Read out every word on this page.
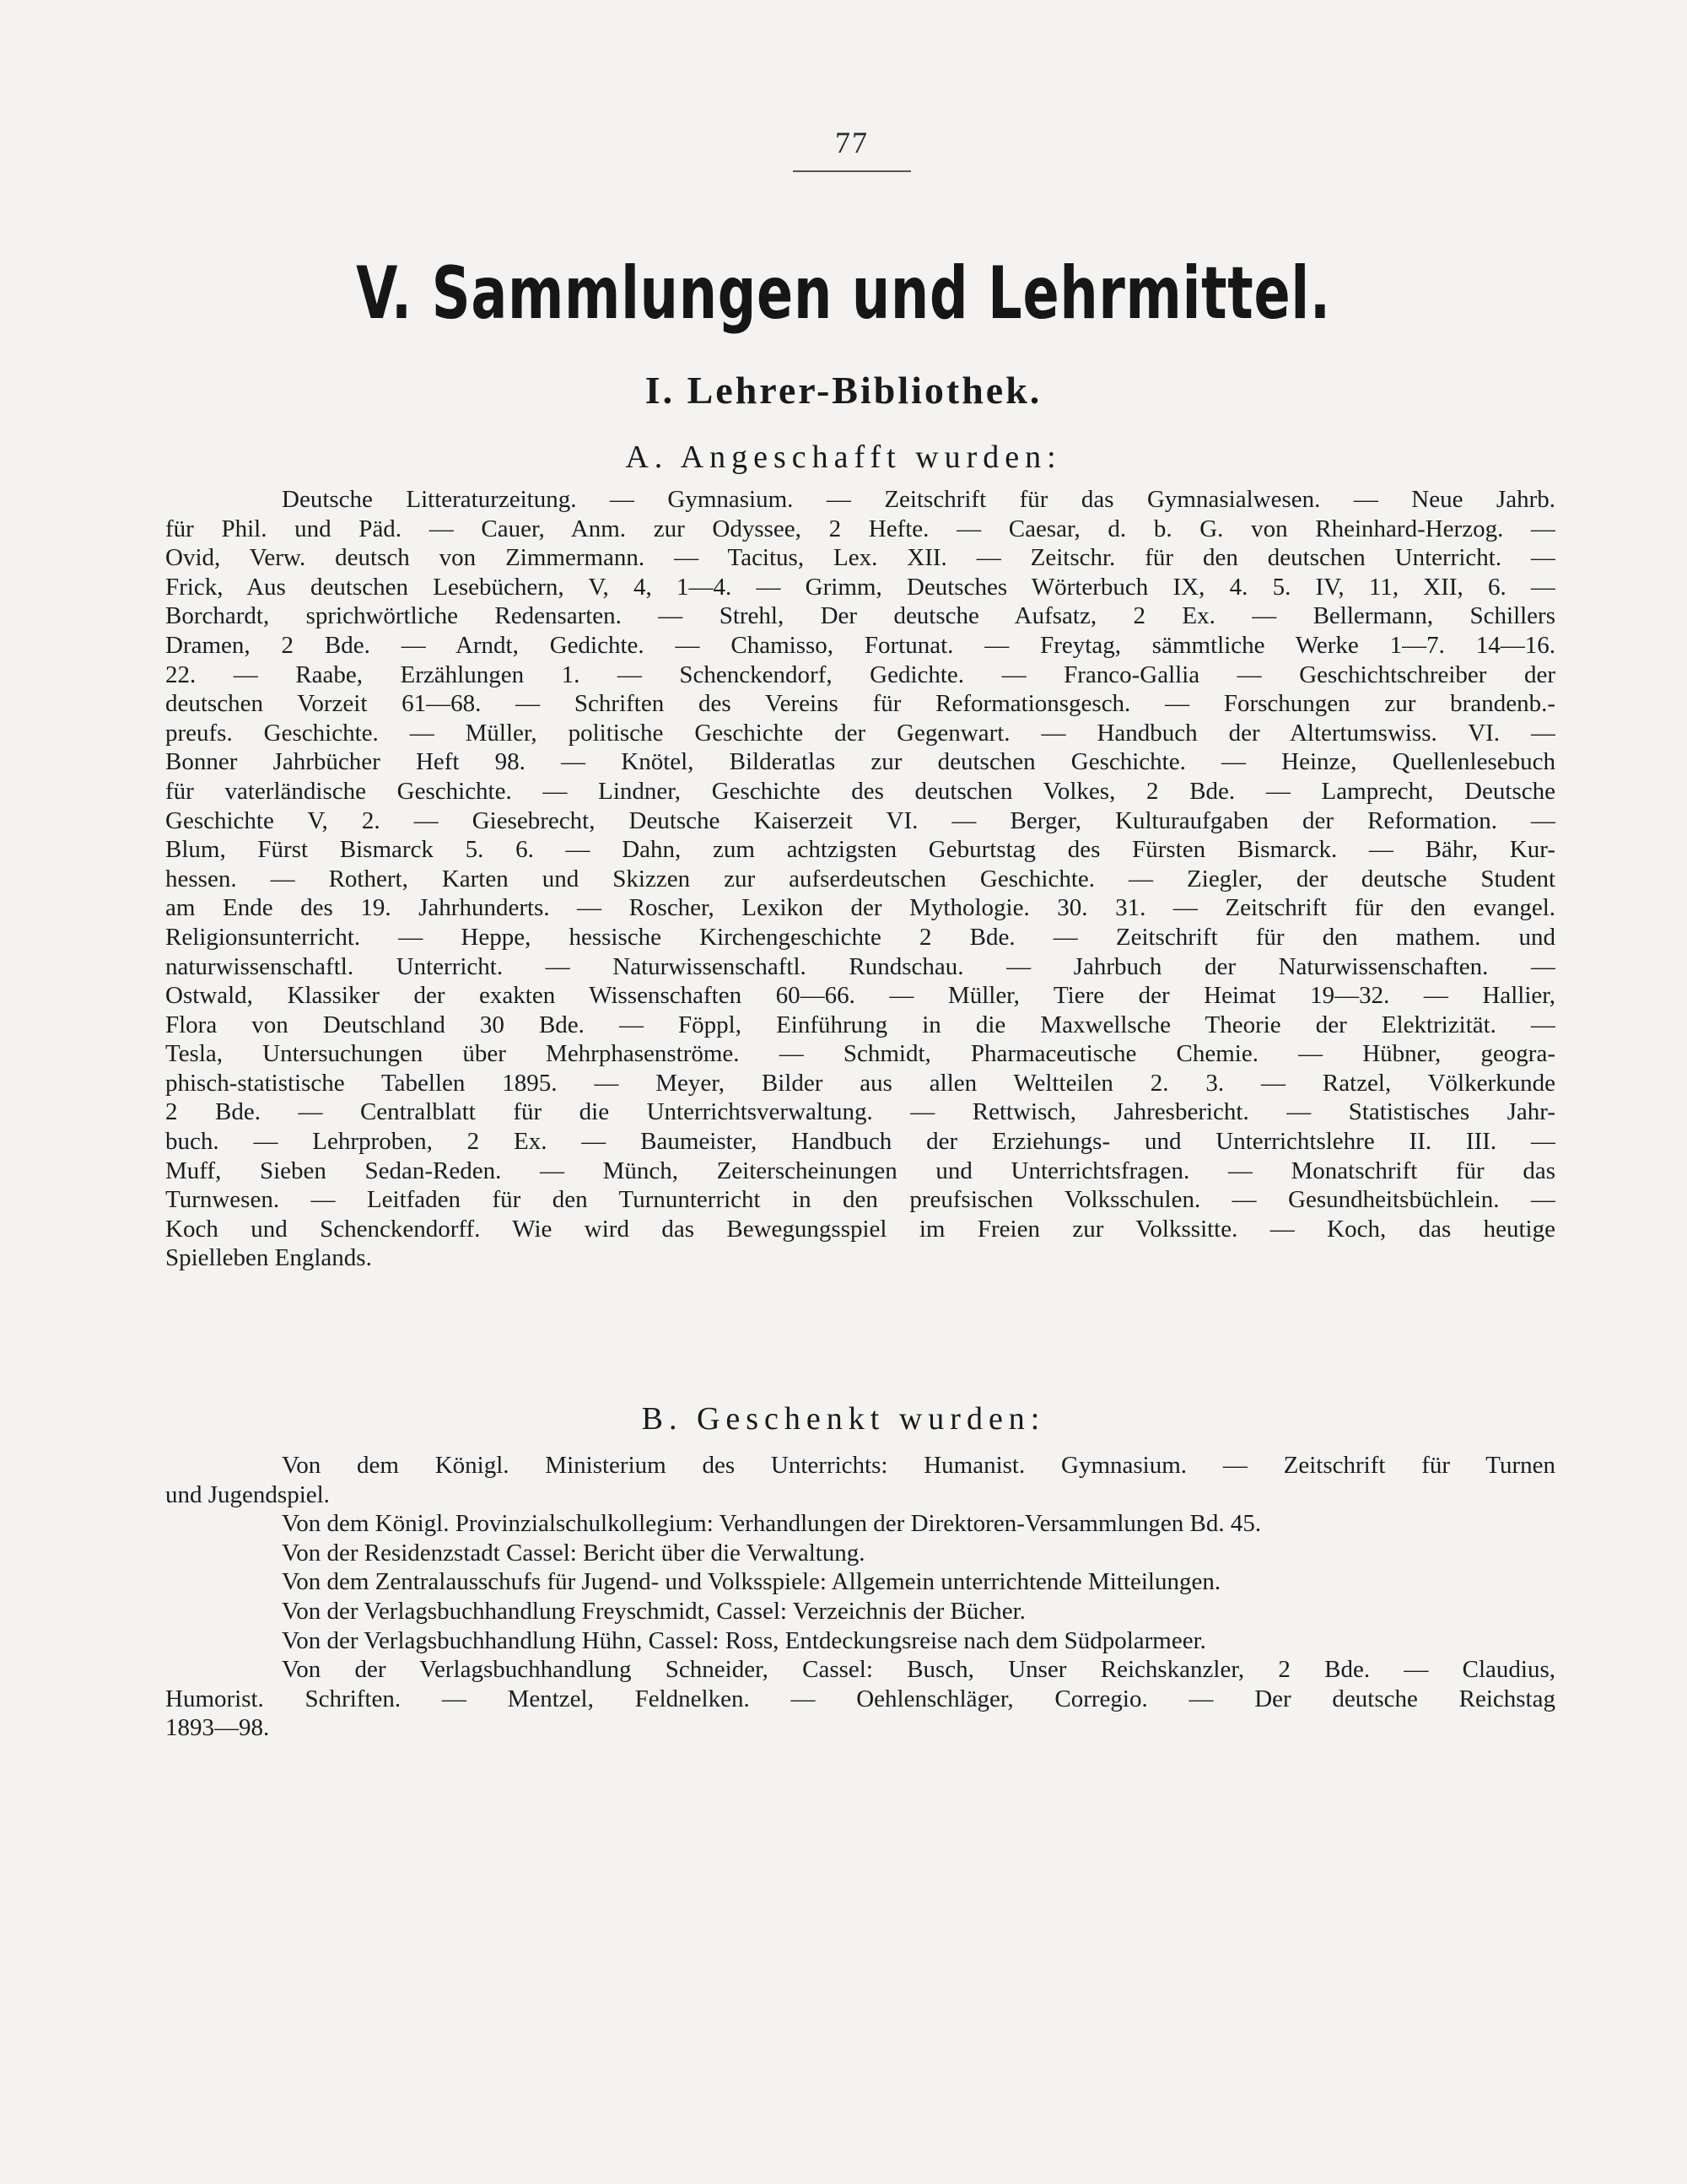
77
V. Sammlungen und Lehrmittel.
I. Lehrer-Bibliothek.
A. Angeschafft wurden:
Deutsche Litteraturzeitung. — Gymnasium. — Zeitschrift für das Gymnasialwesen. — Neue Jahrb.
für Phil. und Päd. — Cauer, Anm. zur Odyssee, 2 Hefte. — Caesar, d. b. G. von Rheinhard-Herzog. —
Ovid, Verw. deutsch von Zimmermann. — Tacitus, Lex. XII. — Zeitschr. für den deutschen Unterricht. —
Frick, Aus deutschen Lesebüchern, V, 4, 1—4. — Grimm, Deutsches Wörterbuch IX, 4. 5. IV, 11, XII, 6. —
Borchardt, sprichwörtliche Redensarten. — Strehl, Der deutsche Aufsatz, 2 Ex. — Bellermann, Schillers
Dramen, 2 Bde. — Arndt, Gedichte. — Chamisso, Fortunat. — Freytag, sämmtliche Werke 1—7. 14—16.
22. — Raabe, Erzählungen 1. — Schenckendorf, Gedichte. — Franco-Gallia — Geschichtschreiber der
deutschen Vorzeit 61—68. — Schriften des Vereins für Reformationsgesch. — Forschungen zur brandenb.-
preufs. Geschichte. — Müller, politische Geschichte der Gegenwart. — Handbuch der Altertumswiss. VI. —
Bonner Jahrbücher Heft 98. — Knötel, Bilderatlas zur deutschen Geschichte. — Heinze, Quellenlesebuch
für vaterländische Geschichte. — Lindner, Geschichte des deutschen Volkes, 2 Bde. — Lamprecht, Deutsche
Geschichte V, 2. — Giesebrecht, Deutsche Kaiserzeit VI. — Berger, Kulturaufgaben der Reformation. —
Blum, Fürst Bismarck 5. 6. — Dahn, zum achtzigsten Geburtstag des Fürsten Bismarck. — Bähr, Kur-
hessen. — Rothert, Karten und Skizzen zur aufserdeutschen Geschichte. — Ziegler, der deutsche Student
am Ende des 19. Jahrhunderts. — Roscher, Lexikon der Mythologie. 30. 31. — Zeitschrift für den evangel.
Religionsunterricht. — Heppe, hessische Kirchengeschichte 2 Bde. — Zeitschrift für den mathem. und
naturwissenschaftl. Unterricht. — Naturwissenschaftl. Rundschau. — Jahrbuch der Naturwissenschaften. —
Ostwald, Klassiker der exakten Wissenschaften 60—66. — Müller, Tiere der Heimat 19—32. — Hallier,
Flora von Deutschland 30 Bde. — Föppl, Einführung in die Maxwellsche Theorie der Elektrizität. —
Tesla, Untersuchungen über Mehrphasenströme. — Schmidt, Pharmaceutische Chemie. — Hübner, geogra-
phisch-statistische Tabellen 1895. — Meyer, Bilder aus allen Weltteilen 2. 3. — Ratzel, Völkerkunde
2 Bde. — Centralblatt für die Unterrichtsverwaltung. — Rettwisch, Jahresbericht. — Statistisches Jahr-
buch. — Lehrproben, 2 Ex. — Baumeister, Handbuch der Erziehungs- und Unterrichtslehre II. III. —
Muff, Sieben Sedan-Reden. — Münch, Zeiterscheinungen und Unterrichtsfragen. — Monatschrift für das
Turnwesen. — Leitfaden für den Turnunterricht in den preufsischen Volksschulen. — Gesundheitsbüchlein. —
Koch und Schenckendorff. Wie wird das Bewegungsspiel im Freien zur Volkssitte. — Koch, das heutige
Spielleben Englands.
B. Geschenkt wurden:
Von dem Königl. Ministerium des Unterrichts: Humanist. Gymnasium. — Zeitschrift für Turnen
und Jugendspiel.
Von dem Königl. Provinzialschulkollegium: Verhandlungen der Direktoren-Versammlungen Bd. 45.
Von der Residenzstadt Cassel: Bericht über die Verwaltung.
Von dem Zentralausschufs für Jugend- und Volksspiele: Allgemein unterrichtende Mitteilungen.
Von der Verlagsbuchhandlung Freyschmidt, Cassel: Verzeichnis der Bücher.
Von der Verlagsbuchhandlung Hühn, Cassel: Ross, Entdeckungsreise nach dem Südpolarmeer.
Von der Verlagsbuchhandlung Schneider, Cassel: Busch, Unser Reichskanzler, 2 Bde. — Claudius,
Humorist. Schriften. — Mentzel, Feldnelken. — Oehlenschläger, Corregio. — Der deutsche Reichstag
1893—98.
